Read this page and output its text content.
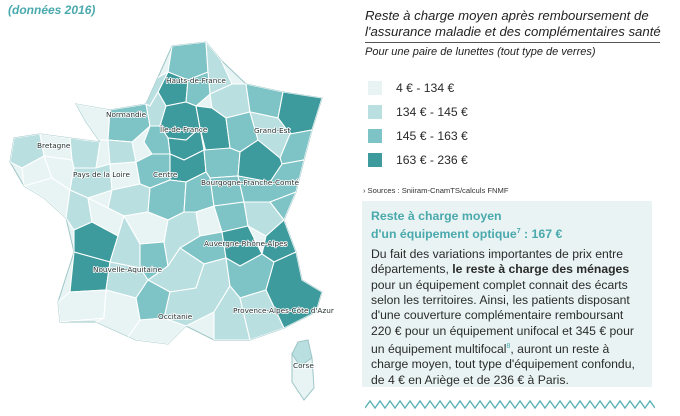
(données 2016)
Hauts-de-France
Normandie
Île-de-France	Grand-Est
Bretagne
Pays de la Loire	Centre
Bourgogne-Franche-Comté
Auvergne-Rhône-Alpes
Nouvelle-Aquitaine
Occitanie
Provence-Alpes-Côte d'Azur
Corse
Reste à charge moyen après remboursement de l'assurance maladie et des complémentaires santé
Pour une paire de lunettes (tout type de verres)
4 € - 134 €
134 € - 145 €
145 € - 163 €
163 € - 236 €
› Sources : Sniiram-CnamTS/calculs FNMF
Reste à charge moyen
d'un équipement optique$^7$ : 167 €
Du fait des variations importantes de prix entre départements, le reste à charge des ménages pour un équipement complet connait des écarts selon les territoires. Ainsi, les patients disposant d'une couverture complémentaire remboursant 220 € pour un équipement unifocal et 345 € pour un équipement multifocal$^8$, auront un reste à charge moyen, tout type d'équipement confondu, de 4 € en Ariège et de 236 € à Paris.
